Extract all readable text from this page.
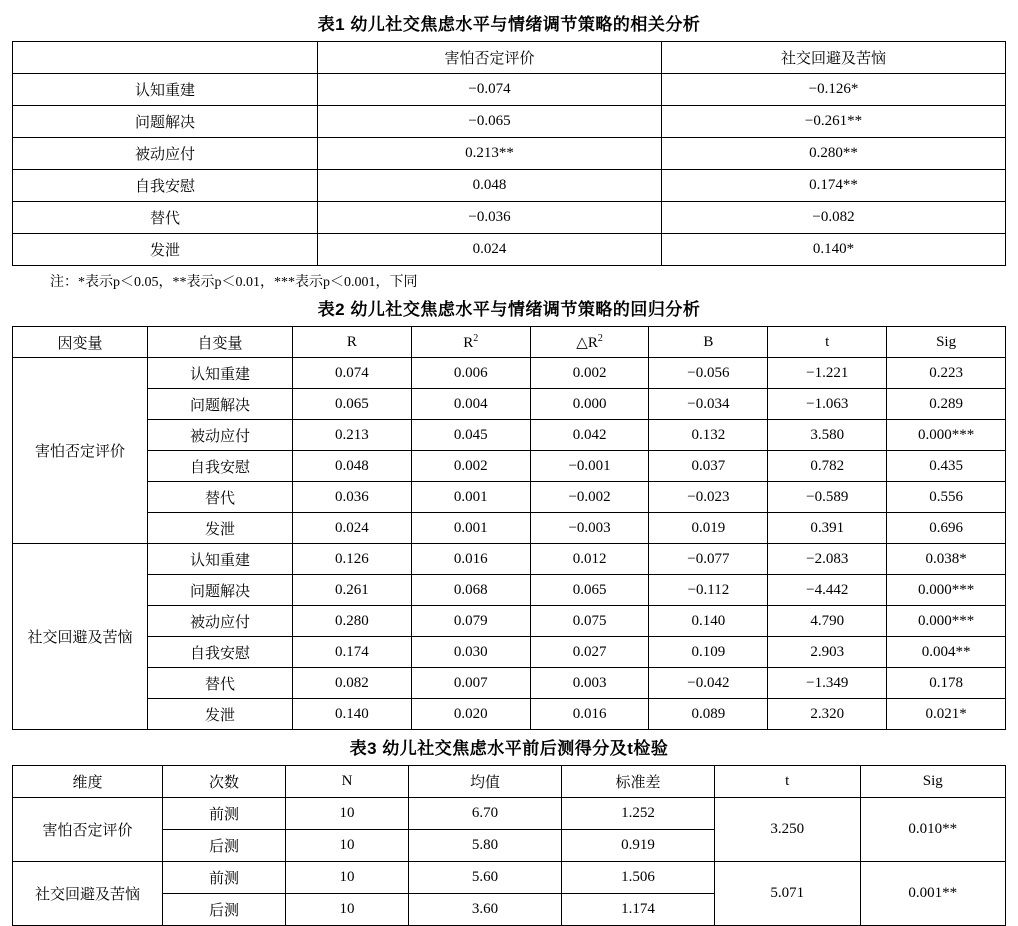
表1 幼儿社交焦虑水平与情绪调节策略的相关分析
	害怕否定评价	社交回避及苦恼
认知重建	−0.074	−0.126*
问题解决	−0.065	−0.261**
被动应付	0.213**	0.280**
自我安慰	0.048	0.174**
替代	−0.036	−0.082
发泄	0.024	0.140*
注：*表示p＜0.05，**表示p＜0.01，***表示p＜0.001，下同
表2 幼儿社交焦虑水平与情绪调节策略的回归分析
因变量	自变量	R	$R^2$	$\triangle R^2$	B	t	Sig
害怕否定评价	认知重建	0.074	0.006	0.002	−0.056	−1.221	0.223
	问题解决	0.065	0.004	0.000	−0.034	−1.063	0.289
	被动应付	0.213	0.045	0.042	0.132	3.580	0.000***
	自我安慰	0.048	0.002	−0.001	0.037	0.782	0.435
	替代	0.036	0.001	−0.002	−0.023	−0.589	0.556
	发泄	0.024	0.001	−0.003	0.019	0.391	0.696
社交回避及苦恼	认知重建	0.126	0.016	0.012	−0.077	−2.083	0.038*
	问题解决	0.261	0.068	0.065	−0.112	−4.442	0.000***
	被动应付	0.280	0.079	0.075	0.140	4.790	0.000***
	自我安慰	0.174	0.030	0.027	0.109	2.903	0.004**
	替代	0.082	0.007	0.003	−0.042	−1.349	0.178
	发泄	0.140	0.020	0.016	0.089	2.320	0.021*
表3 幼儿社交焦虑水平前后测得分及t检验
维度	次数	N	均值	标准差	t	Sig
害怕否定评价	前测	10	6.70	1.252	3.250	0.010**
	后测	10	5.80	0.919		
社交回避及苦恼	前测	10	5.60	1.506	5.071	0.001**
	后测	10	3.60	1.174		
